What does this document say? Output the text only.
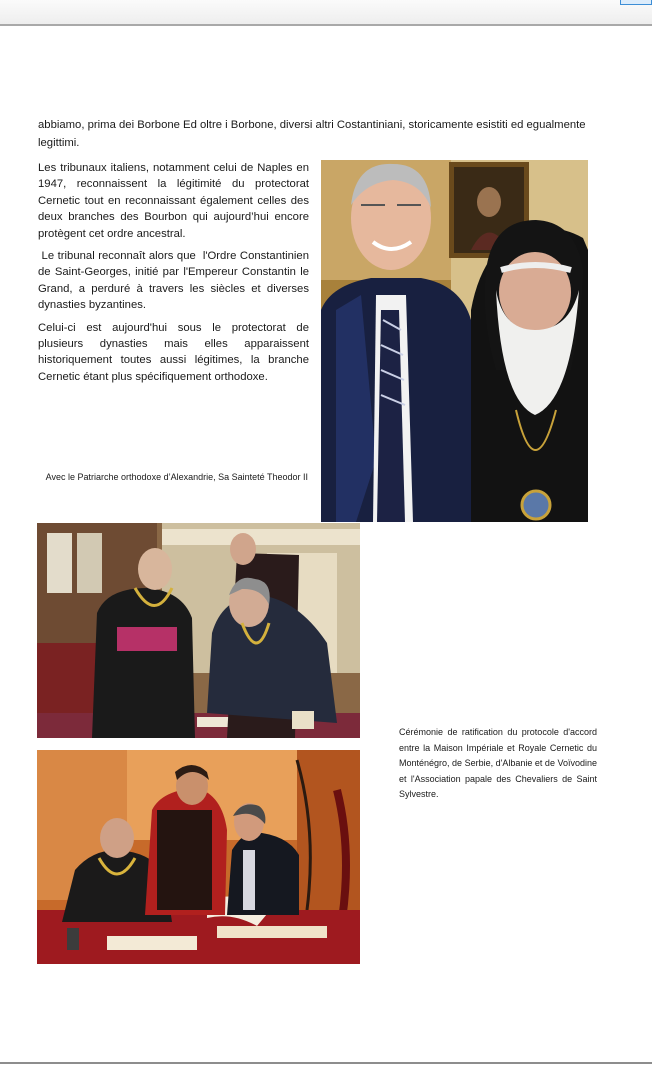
abbiamo, prima dei Borbone Ed oltre i Borbone, diversi altri Costantiniani, storicamente esistiti ed egualmente legittimi.

Les tribunaux italiens, notamment celui de Naples en 1947, reconnaissent la légitimité du protectorat Cernetic tout en reconnaissant également celles des deux branches des Bourbon qui aujourd’hui encore protègent cet ordre ancestral.

Le tribunal reconnaît alors que  l'Ordre Constantinien de Saint-Georges, initié par l'Empereur Constantin le Grand, a perduré à travers les siècles et diverses dynasties byzantines.

Celui-ci est aujourd'hui sous le protectorat de plusieurs dynasties mais elles apparaissent historiquement toutes aussi légitimes, la branche Cernetic étant plus spécifiquement orthodoxe.

Avec le Patriarche orthodoxe d’Alexandrie, Sa Sainteté Theodor II
Cérémonie de ratification du protocole d'accord entre la Maison Impériale et Royale Cernetic du Monténégro, de Serbie, d'Albanie et de Voïvodine et l'Association papale des Chevaliers de Saint Sylvestre.
